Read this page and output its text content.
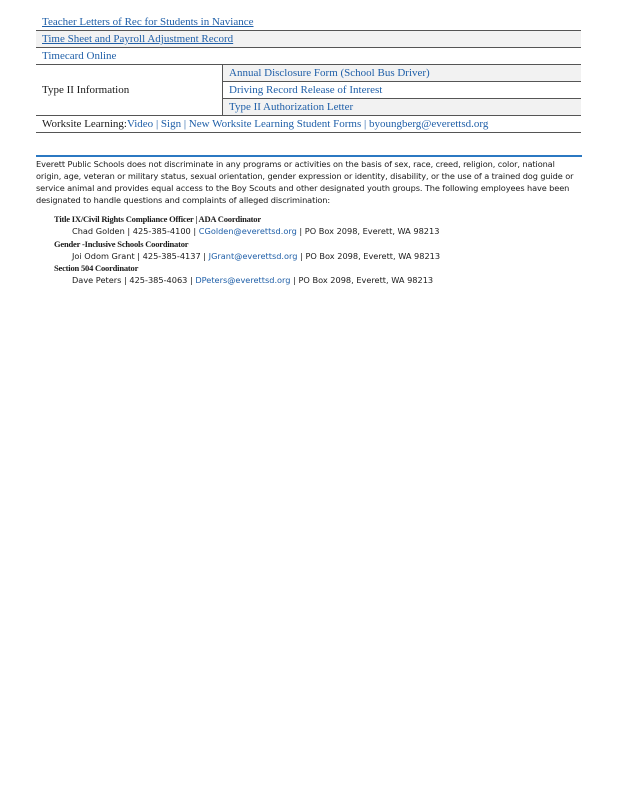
Teacher Letters of Rec for Students in Naviance
Time Sheet and Payroll Adjustment Record
Timecard Online
Type II Information	Annual Disclosure Form (School Bus Driver)
Driving Record Release of Interest
Type II Authorization Letter
Worksite Learning:Video | Sign | New Worksite Learning Student Forms | byoungberg@everettsd.org
Everett Public Schools does not discriminate in any programs or activities on the basis of sex, race, creed, religion, color, national origin, age, veteran or military status, sexual orientation, gender expression or identity, disability, or the use of a trained dog guide or service animal and provides equal access to the Boy Scouts and other designated youth groups. The following employees have been designated to handle questions and complaints of alleged discrimination:
Title IX/Civil Rights Compliance Officer | ADA Coordinator
Chad Golden | 425-385-4100 | CGolden@everettsd.org | PO Box 2098, Everett, WA 98213
Gender -Inclusive Schools Coordinator
Joi Odom Grant | 425-385-4137 | JGrant@everettsd.org | PO Box 2098, Everett, WA 98213
Section 504 Coordinator
Dave Peters | 425-385-4063 | DPeters@everettsd.org | PO Box 2098, Everett, WA 98213
